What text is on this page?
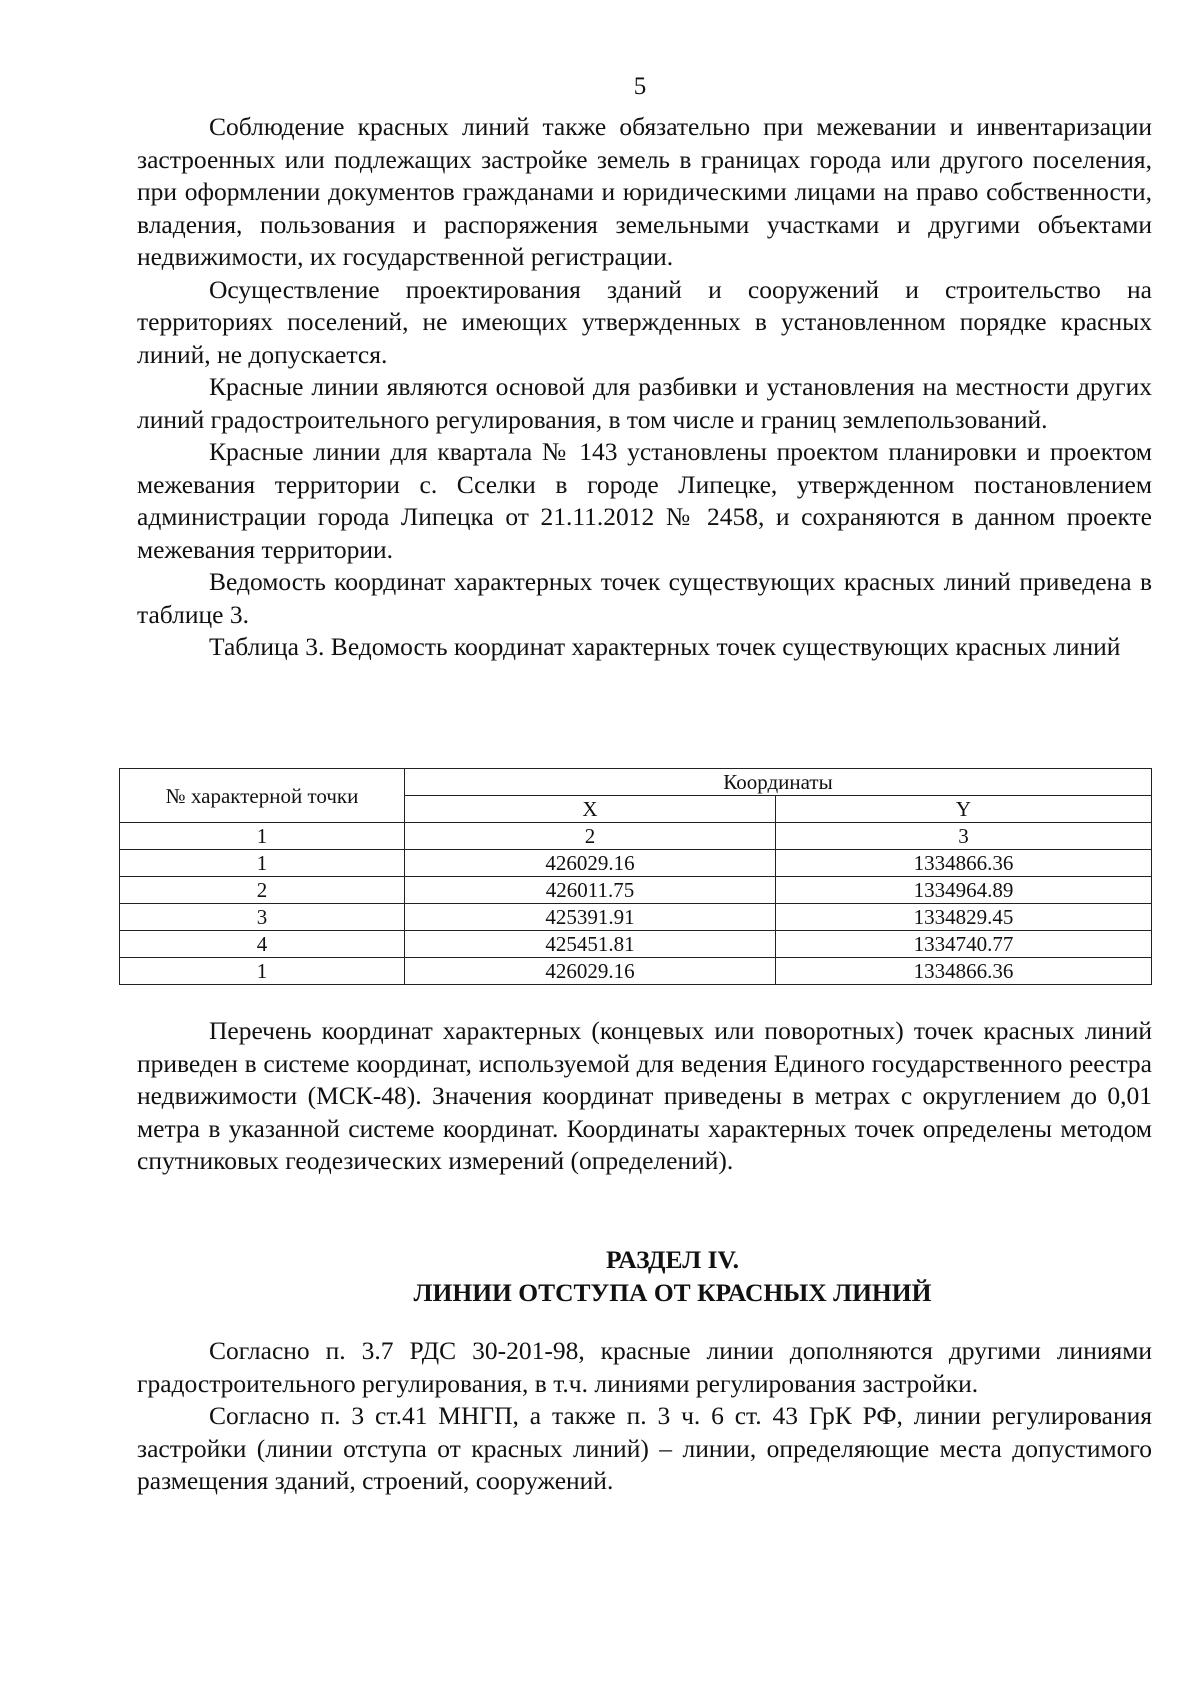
5

Соблюдение красных линий также обязательно при межевании и инвентаризации застроенных или подлежащих застройке земель в границах города или другого поселения, при оформлении документов гражданами и юридическими лицами на право собственности, владения, пользования и распоряжения земельными участками и другими объектами недвижимости, их государственной регистрации.

Осуществление проектирования зданий и сооружений и строительство на территориях поселений, не имеющих утвержденных в установленном порядке красных линий, не допускается.

Красные линии являются основой для разбивки и установления на местности других линий градостроительного регулирования, в том числе и границ землепользований.

Красные линии для квартала № 143 установлены проектом планировки и проектом межевания территории с. Сселки в городе Липецке, утвержденном постановлением администрации города Липецка от 21.11.2012 № 2458, и сохраняются в данном проекте межевания территории.

Ведомость координат характерных точек существующих красных линий приведена в таблице 3.

Таблица 3. Ведомость координат характерных точек существующих красных линий

№ характерной точки	Координаты	
	X	Y
1	2	3
1	426029.16	1334866.36
2	426011.75	1334964.89
3	425391.91	1334829.45
4	425451.81	1334740.77
1	426029.16	1334866.36

Перечень координат характерных (концевых или поворотных) точек красных линий приведен в системе координат, используемой для ведения Единого государственного реестра недвижимости (МСК-48). Значения координат приведены в метрах с округлением до 0,01 метра в указанной системе координат. Координаты характерных точек определены методом спутниковых геодезических измерений (определений).

РАЗДЕЛ IV.
ЛИНИИ ОТСТУПА ОТ КРАСНЫХ ЛИНИЙ

Согласно п. 3.7 РДС 30-201-98, красные линии дополняются другими линиями градостроительного регулирования, в т.ч. линиями регулирования застройки.

Согласно п. 3 ст.41 МНГП, а также п. 3 ч. 6 ст. 43 ГрК РФ, линии регулирования застройки (линии отступа от красных линий) – линии, определяющие места допустимого размещения зданий, строений, сооружений.
